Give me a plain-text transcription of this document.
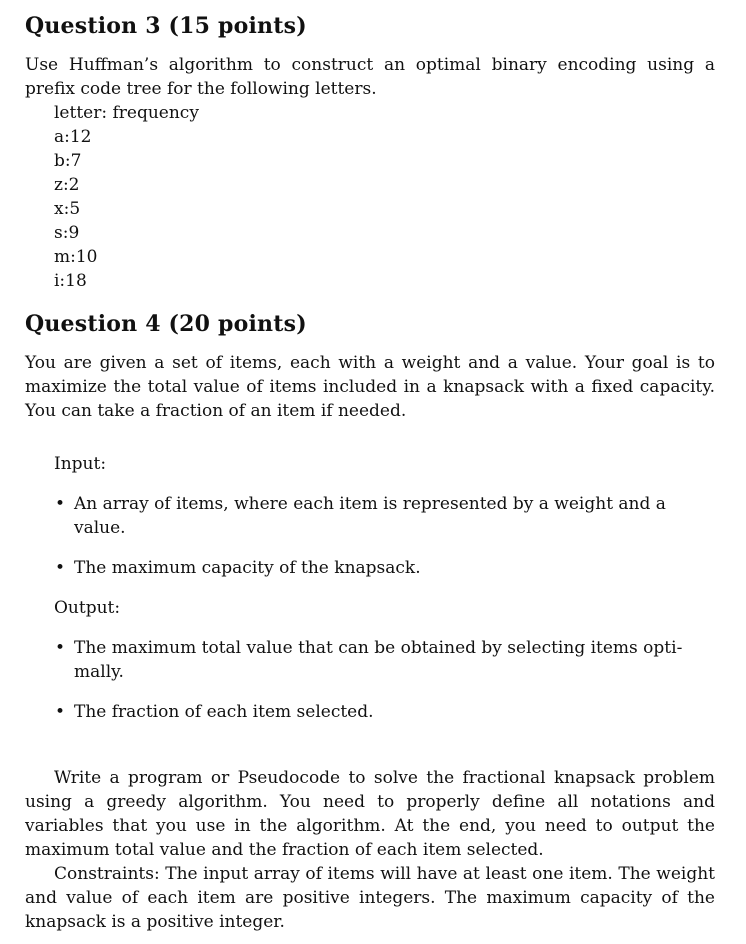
Question 3 (15 points)

Use Huffman’s algorithm to construct an optimal binary encoding using a prefix code tree for the following letters.

letter: frequency
a:12
b:7
z:2
x:5
s:9
m:10
i:18
Question 4 (20 points)

You are given a set of items, each with a weight and a value. Your goal is to maximize the total value of items included in a knapsack with a fixed capacity. You can take a fraction of an item if needed.

Input:
• An array of items, where each item is represented by a weight and a value.
• The maximum capacity of the knapsack.
Output:
• The maximum total value that can be obtained by selecting items opti-mally.
• The fraction of each item selected.

Write a program or Pseudocode to solve the fractional knapsack problem using a greedy algorithm. You need to properly define all notations and variables that you use in the algorithm. At the end, you need to output the maximum total value and the fraction of each item selected.

Constraints: The input array of items will have at least one item. The weight and value of each item are positive integers. The maximum capacity of the knapsack is a positive integer.
